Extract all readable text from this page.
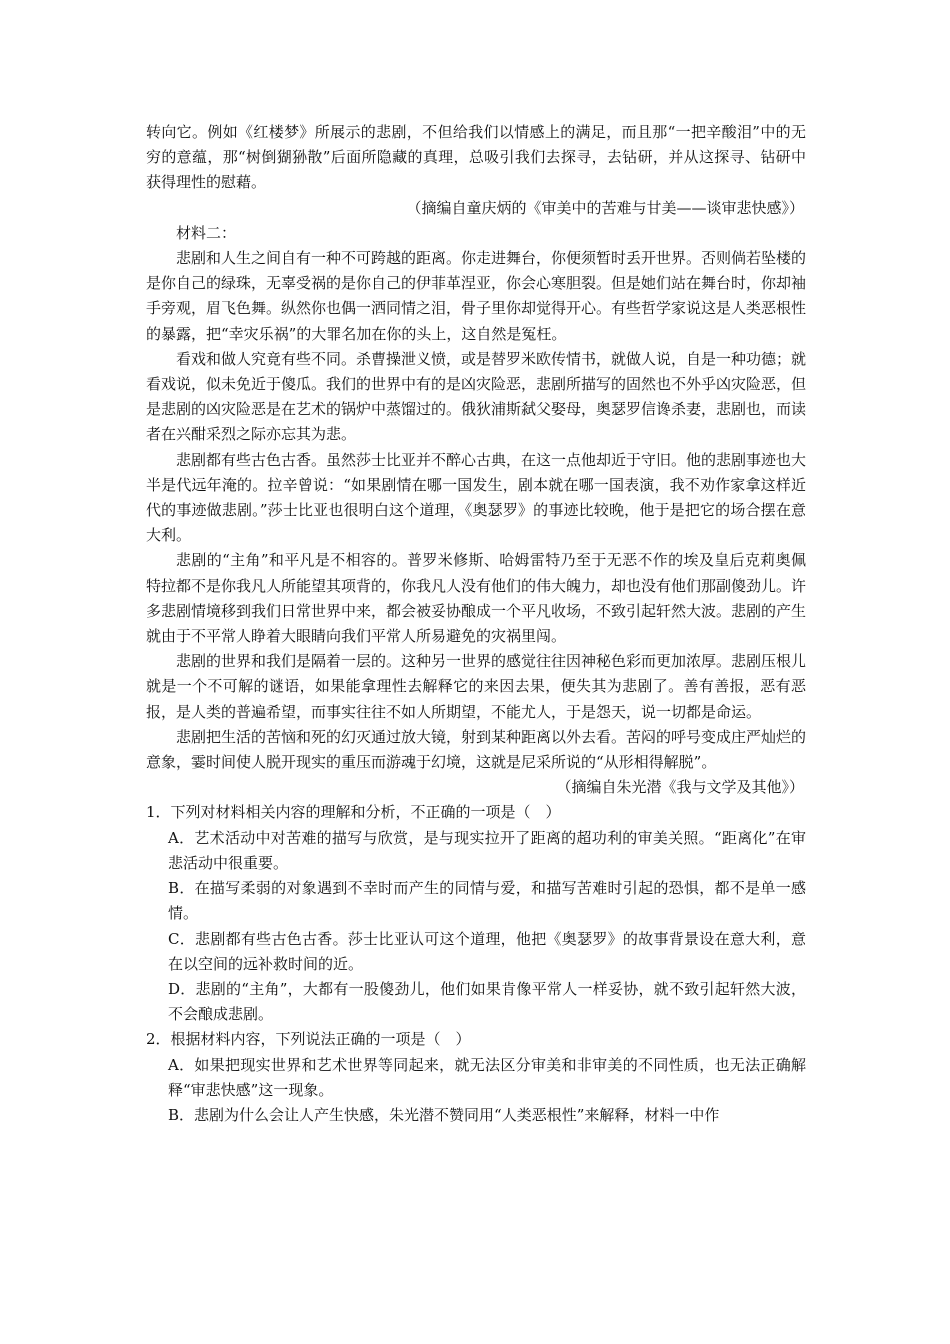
转向它。例如《红楼梦》所展示的悲剧，不但给我们以情感上的满足，而且那“一把辛酸泪”中的无穷的意蕴，那“树倒猢狲散”后面所隐藏的真理，总吸引我们去探寻，去钻研，并从这探寻、钻研中获得理性的慰藉。

（摘编自童庆炳的《审美中的苦难与甘美——谈审悲快感》）

材料二：

悲剧和人生之间自有一种不可跨越的距离。你走进舞台，你便须暂时丢开世界。否则倘若坠楼的是你自己的绿珠，无辜受祸的是你自己的伊菲革涅亚，你会心寒胆裂。但是她们站在舞台时，你却袖手旁观，眉飞色舞。纵然你也偶一洒同情之泪，骨子里你却觉得开心。有些哲学家说这是人类恶根性的暴露，把“幸灾乐祸”的大罪名加在你的头上，这自然是冤枉。

看戏和做人究竟有些不同。杀曹操泄义愤，或是替罗米欧传情书，就做人说，自是一种功德；就看戏说，似未免近于傻瓜。我们的世界中有的是凶灾险恶，悲剧所描写的固然也不外乎凶灾险恶，但是悲剧的凶灾险恶是在艺术的锅炉中蒸馏过的。俄狄浦斯弑父娶母，奥瑟罗信谗杀妻，悲剧也，而读者在兴酣采烈之际亦忘其为悲。

悲剧都有些古色古香。虽然莎士比亚并不醉心古典，在这一点他却近于守旧。他的悲剧事迹也大半是代远年淹的。拉辛曾说：“如果剧情在哪一国发生，剧本就在哪一国表演，我不劝作家拿这样近代的事迹做悲剧。”莎士比亚也很明白这个道理，《奥瑟罗》的事迹比较晚，他于是把它的场合摆在意大利。

悲剧的“主角”和平凡是不相容的。普罗米修斯、哈姆雷特乃至于无恶不作的埃及皇后克莉奥佩特拉都不是你我凡人所能望其项背的，你我凡人没有他们的伟大魄力，却也没有他们那副傻劲儿。许多悲剧情境移到我们日常世界中来，都会被妥协酿成一个平凡收场，不致引起轩然大波。悲剧的产生就由于不平常人睁着大眼睛向我们平常人所易避免的灾祸里闯。

悲剧的世界和我们是隔着一层的。这种另一世界的感觉往往因神秘色彩而更加浓厚。悲剧压根儿就是一个不可解的谜语，如果能拿理性去解释它的来因去果，便失其为悲剧了。善有善报，恶有恶报，是人类的普遍希望，而事实往往不如人所期望，不能尤人，于是怨天，说一切都是命运。

悲剧把生活的苦恼和死的幻灭通过放大镜，射到某种距离以外去看。苦闷的呼号变成庄严灿烂的意象，霎时间使人脱开现实的重压而游魂于幻境，这就是尼采所说的“从形相得解脱”。

（摘编自朱光潜《我与文学及其他》）

1．下列对材料相关内容的理解和分析，不正确的一项是（　）

A．艺术活动中对苦难的描写与欣赏，是与现实拉开了距离的超功利的审美关照。“距离化”在审悲活动中很重要。

B．在描写柔弱的对象遇到不幸时而产生的同情与爱，和描写苦难时引起的恐惧，都不是单一感情。

C．悲剧都有些古色古香。莎士比亚认可这个道理，他把《奥瑟罗》的故事背景设在意大利，意在以空间的远补救时间的近。

D．悲剧的“主角”，大都有一股傻劲儿，他们如果肯像平常人一样妥协，就不致引起轩然大波，不会酿成悲剧。

2．根据材料内容，下列说法正确的一项是（　）

A．如果把现实世界和艺术世界等同起来，就无法区分审美和非审美的不同性质，也无法正确解释“审悲快感”这一现象。

B．悲剧为什么会让人产生快感，朱光潜不赞同用“人类恶根性”来解释，材料一中作
